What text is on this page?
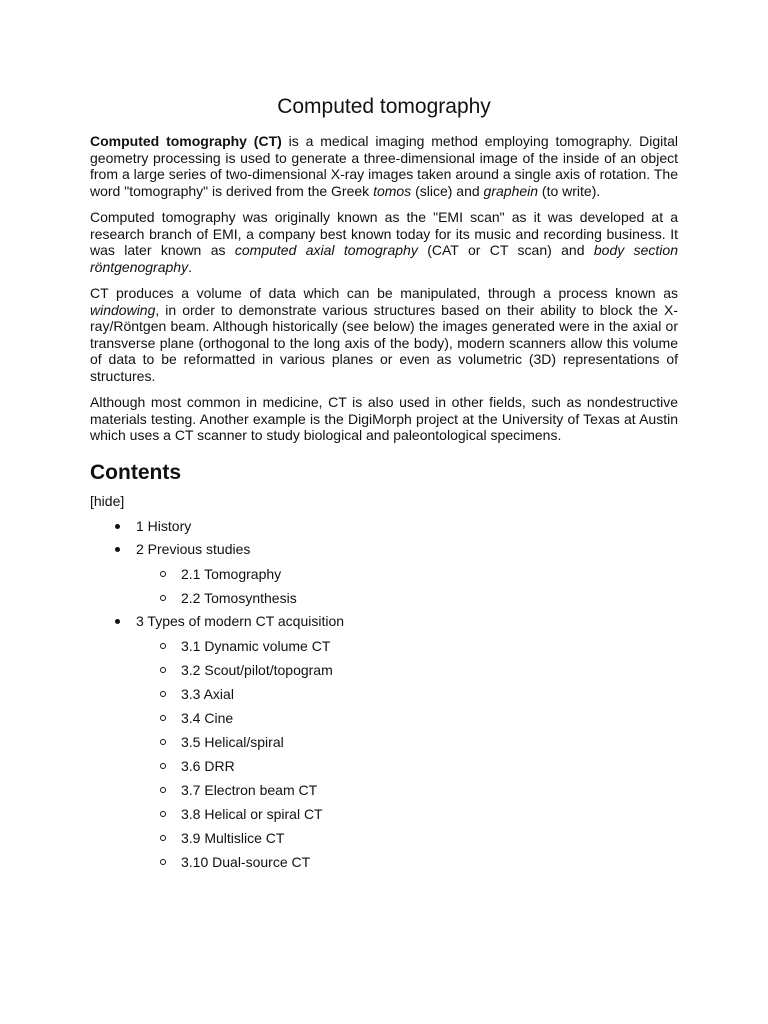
Computed tomography

Computed tomography (CT) is a medical imaging method employing tomography. Digital geometry processing is used to generate a three-dimensional image of the inside of an object from a large series of two-dimensional X-ray images taken around a single axis of rotation. The word "tomography" is derived from the Greek tomos (slice) and graphein (to write).

Computed tomography was originally known as the "EMI scan" as it was developed at a research branch of EMI, a company best known today for its music and recording business. It was later known as computed axial tomography (CAT or CT scan) and body section röntgenography.

CT produces a volume of data which can be manipulated, through a process known as windowing, in order to demonstrate various structures based on their ability to block the X-ray/Röntgen beam. Although historically (see below) the images generated were in the axial or transverse plane (orthogonal to the long axis of the body), modern scanners allow this volume of data to be reformatted in various planes or even as volumetric (3D) representations of structures.

Although most common in medicine, CT is also used in other fields, such as nondestructive materials testing. Another example is the DigiMorph project at the University of Texas at Austin which uses a CT scanner to study biological and paleontological specimens.

Contents
[hide]
1 History
2 Previous studies
2.1 Tomography
2.2 Tomosynthesis
3 Types of modern CT acquisition
3.1 Dynamic volume CT
3.2 Scout/pilot/topogram
3.3 Axial
3.4 Cine
3.5 Helical/spiral
3.6 DRR
3.7 Electron beam CT
3.8 Helical or spiral CT
3.9 Multislice CT
3.10 Dual-source CT
